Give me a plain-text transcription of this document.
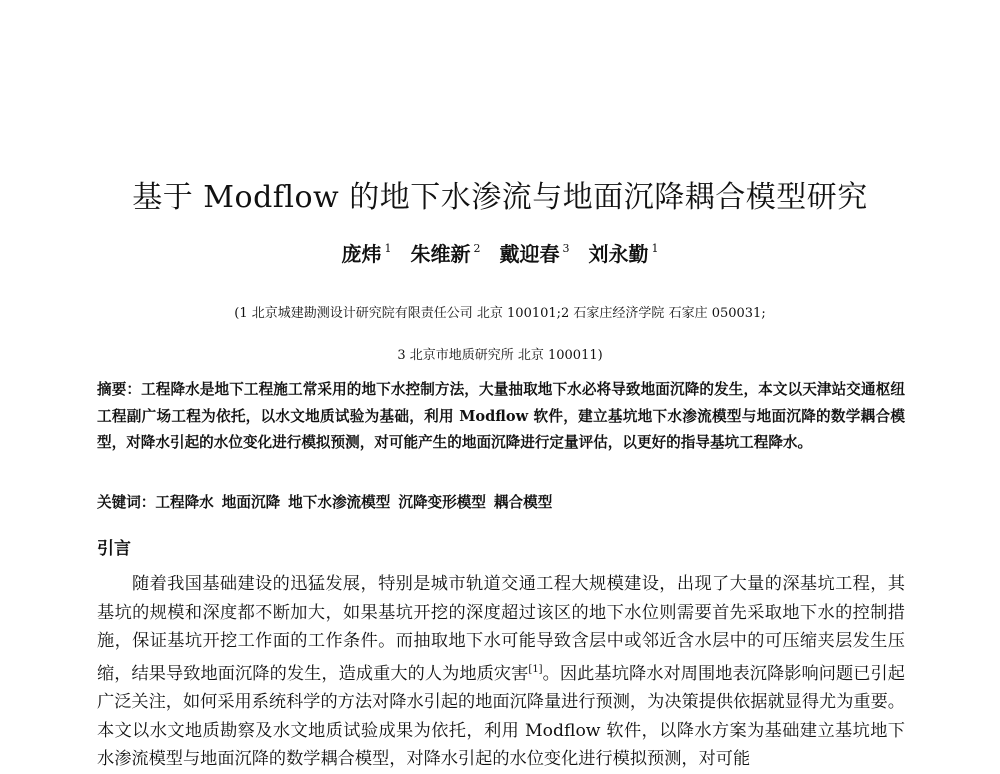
基于 Modflow 的地下水渗流与地面沉降耦合模型研究
庞炜 $^1$ 朱维新 $^2$ 戴迎春 $^3$ 刘永勤 $^1$
(1 北京城建勘测设计研究院有限责任公司 北京 100101;2 石家庄经济学院 石家庄 050031;
3 北京市地质研究所 北京 100011)
摘要：工程降水是地下工程施工常采用的地下水控制方法，大量抽取地下水必将导致地面沉降的发生，本文以天津站交通枢纽工程副广场工程为依托，以水文地质试验为基础，利用 Modflow 软件，建立基坑地下水渗流模型与地面沉降的数学耦合模型，对降水引起的水位变化进行模拟预测，对可能产生的地面沉降进行定量评估，以更好的指导基坑工程降水。
关键词：工程降水 地面沉降 地下水渗流模型 沉降变形模型 耦合模型
引言

随着我国基础建设的迅猛发展，特别是城市轨道交通工程大规模建设，出现了大量的深基坑工程，其基坑的规模和深度都不断加大，如果基坑开挖的深度超过该区的地下水位则需要首先采取地下水的控制措施，保证基坑开挖工作面的工作条件。而抽取地下水可能导致含层中或邻近含水层中的可压缩夹层发生压缩，结果导致地面沉降的发生，造成重大的人为地质灾害[1]。因此基坑降水对周围地表沉降影响问题已引起广泛关注，如何采用系统科学的方法对降水引起的地面沉降量进行预测，为决策提供依据就显得尤为重要。本文以水文地质勘察及水文地质试验成果为依托，利用 Modflow 软件，以降水方案为基础建立基坑地下水渗流模型与地面沉降的数学耦合模型，对降水引起的水位变化进行模拟预测，对可能
